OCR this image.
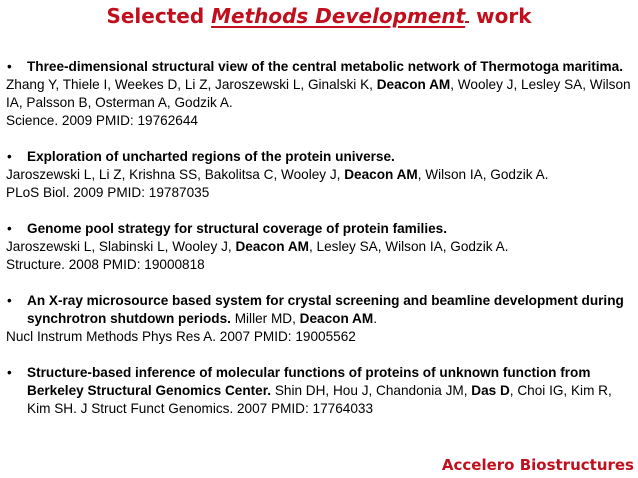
Selected Methods Development work
• Three-dimensional structural view of the central metabolic network of Thermotoga maritima.
Zhang Y, Thiele I, Weekes D, Li Z, Jaroszewski L, Ginalski K, Deacon AM, Wooley J, Lesley SA, Wilson IA, Palsson B, Osterman A, Godzik A.
Science. 2009 PMID: 19762644
• Exploration of uncharted regions of the protein universe.
Jaroszewski L, Li Z, Krishna SS, Bakolitsa C, Wooley J, Deacon AM, Wilson IA, Godzik A.
PLoS Biol. 2009 PMID: 19787035
• Genome pool strategy for structural coverage of protein families.
Jaroszewski L, Slabinski L, Wooley J, Deacon AM, Lesley SA, Wilson IA, Godzik A.
Structure. 2008 PMID: 19000818
• An X-ray microsource based system for crystal screening and beamline development during synchrotron shutdown periods. Miller MD, Deacon AM.
Nucl Instrum Methods Phys Res A. 2007 PMID: 19005562
• Structure-based inference of molecular functions of proteins of unknown function from Berkeley Structural Genomics Center. Shin DH, Hou J, Chandonia JM, Das D, Choi IG, Kim R, Kim SH. J Struct Funct Genomics. 2007 PMID: 17764033
Accelero Biostructures
